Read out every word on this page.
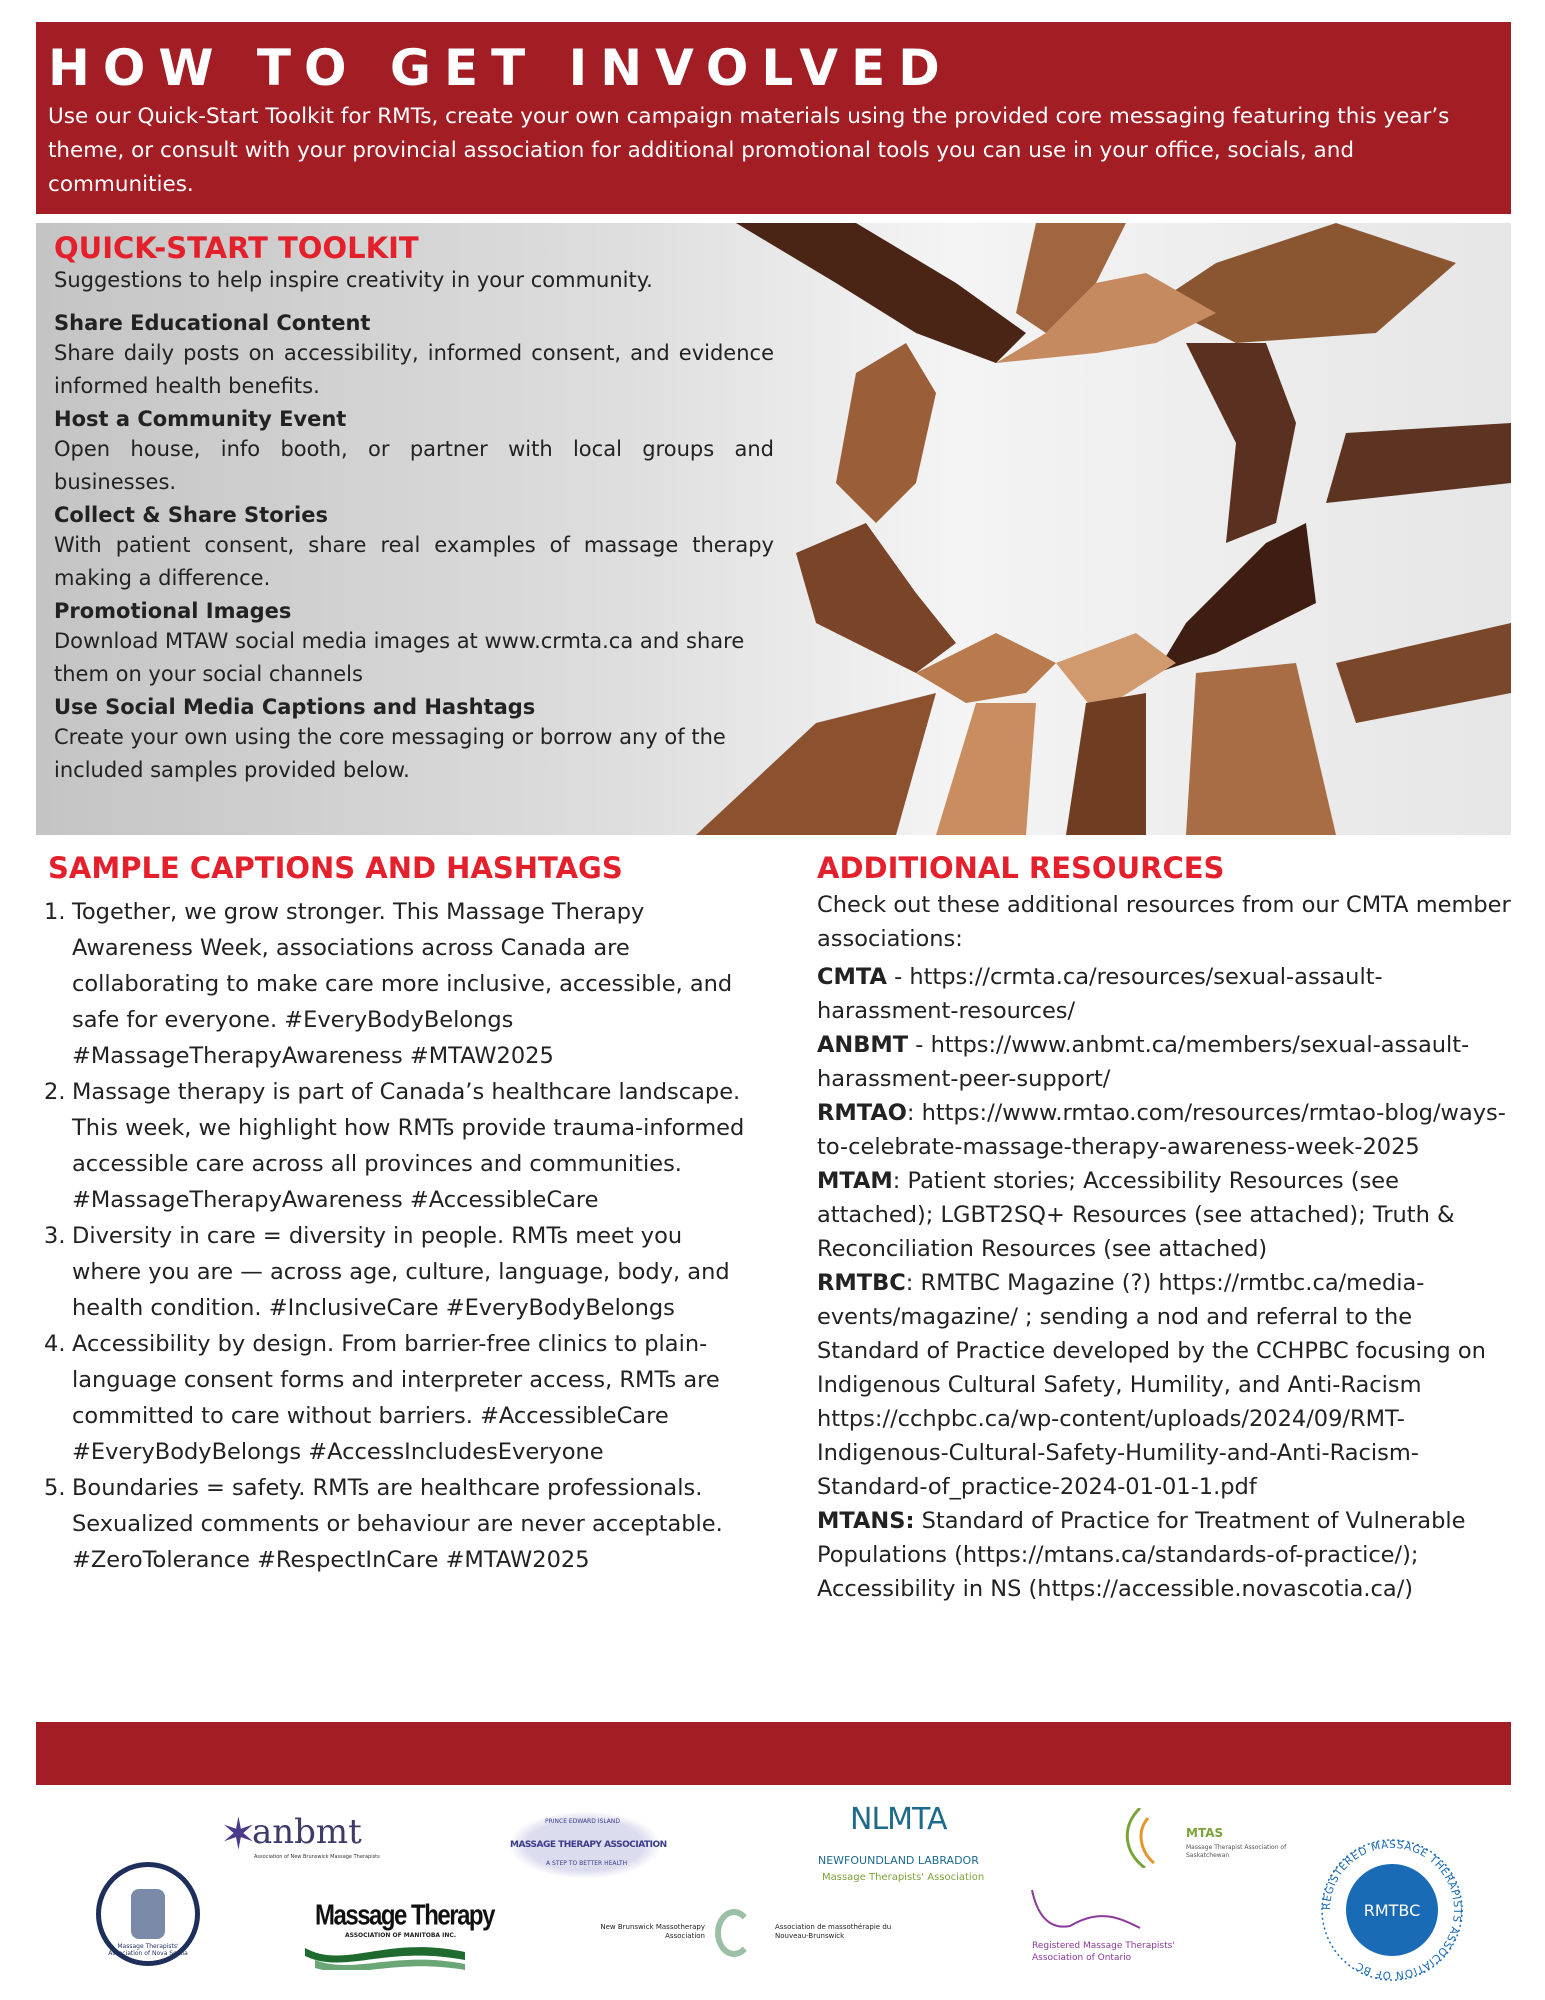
HOW TO GET INVOLVED

Use our Quick-Start Toolkit for RMTs, create your own campaign materials using the provided core messaging featuring this year’s theme, or consult with your provincial association for additional promotional tools you can use in your office, socials, and communities.

QUICK-START TOOLKIT
Suggestions to help inspire creativity in your community.
Share Educational Content
Share daily posts on accessibility, informed consent, and evidence informed health benefits.
Host a Community Event
Open house, info booth, or partner with local groups and businesses.
Collect & Share Stories
With patient consent, share real examples of massage therapy making a difference.
Promotional Images
Download MTAW social media images at www.crmta.ca and share them on your social channels
Use Social Media Captions and Hashtags
Create your own using the core messaging or borrow any of the included samples provided below.
SAMPLE CAPTIONS AND HASHTAGS
1. Together, we grow stronger. This Massage Therapy Awareness Week, associations across Canada are collaborating to make care more inclusive, accessible, and safe for everyone. #EveryBodyBelongs #MassageTherapyAwareness #MTAW2025
2. Massage therapy is part of Canada’s healthcare landscape. This week, we highlight how RMTs provide trauma-informed accessible care across all provinces and communities. #MassageTherapyAwareness #AccessibleCare
3. Diversity in care = diversity in people. RMTs meet you where you are — across age, culture, language, body, and health condition. #InclusiveCare #EveryBodyBelongs
4. Accessibility by design. From barrier-free clinics to plain-language consent forms and interpreter access, RMTs are committed to care without barriers. #AccessibleCare #EveryBodyBelongs #AccessIncludesEveryone
5. Boundaries = safety. RMTs are healthcare professionals. Sexualized comments or behaviour are never acceptable. #ZeroTolerance #RespectInCare #MTAW2025
ADDITIONAL RESOURCES
Check out these additional resources from our CMTA member associations:
CMTA - https://crmta.ca/resources/sexual-assault-harassment-resources/
ANBMT - https://www.anbmt.ca/members/sexual-assault-harassment-peer-support/
RMTAO: https://www.rmtao.com/resources/rmtao-blog/ways-to-celebrate-massage-therapy-awareness-week-2025
MTAM: Patient stories; Accessibility Resources (see attached); LGBT2SQ+ Resources (see attached); Truth & Reconciliation Resources (see attached)
RMTBC: RMTBC Magazine (?) https://rmtbc.ca/media-events/magazine/ ; sending a nod and referral to the Standard of Practice developed by the CCHPBC focusing on Indigenous Cultural Safety, Humility, and Anti-Racism https://cchpbc.ca/wp-content/uploads/2024/09/RMT-Indigenous-Cultural-Safety-Humility-and-Anti-Racism-Standard-of_practice-2024-01-01-1.pdf
MTANS: Standard of Practice for Treatment of Vulnerable Populations (https://mtans.ca/standards-of-practice/); Accessibility in NS (https://accessible.novascotia.ca/)
Massage Therapists' Association of Nova Scotia
✶
anbmt
Association of New Brunswick Massage Therapists
Massage Therapy
ASSOCIATION OF MANITOBA INC.
PRINCE EDWARD ISLAND
MASSAGE THERAPY ASSOCIATION
A STEP TO BETTER HEALTH
New Brunswick Massotherapy Association
Association de massothérapie du Nouveau-Brunswick
NLMTA
NEWFOUNDLAND LABRADOR
Massage Therapists' Association
MTAS
Massage Therapist Association of Saskatchewan
Registered Massage Therapists' Association of Ontario
REGISTERED MASSAGE THERAPISTS ASSOCIATION OF BC
RMTBC
